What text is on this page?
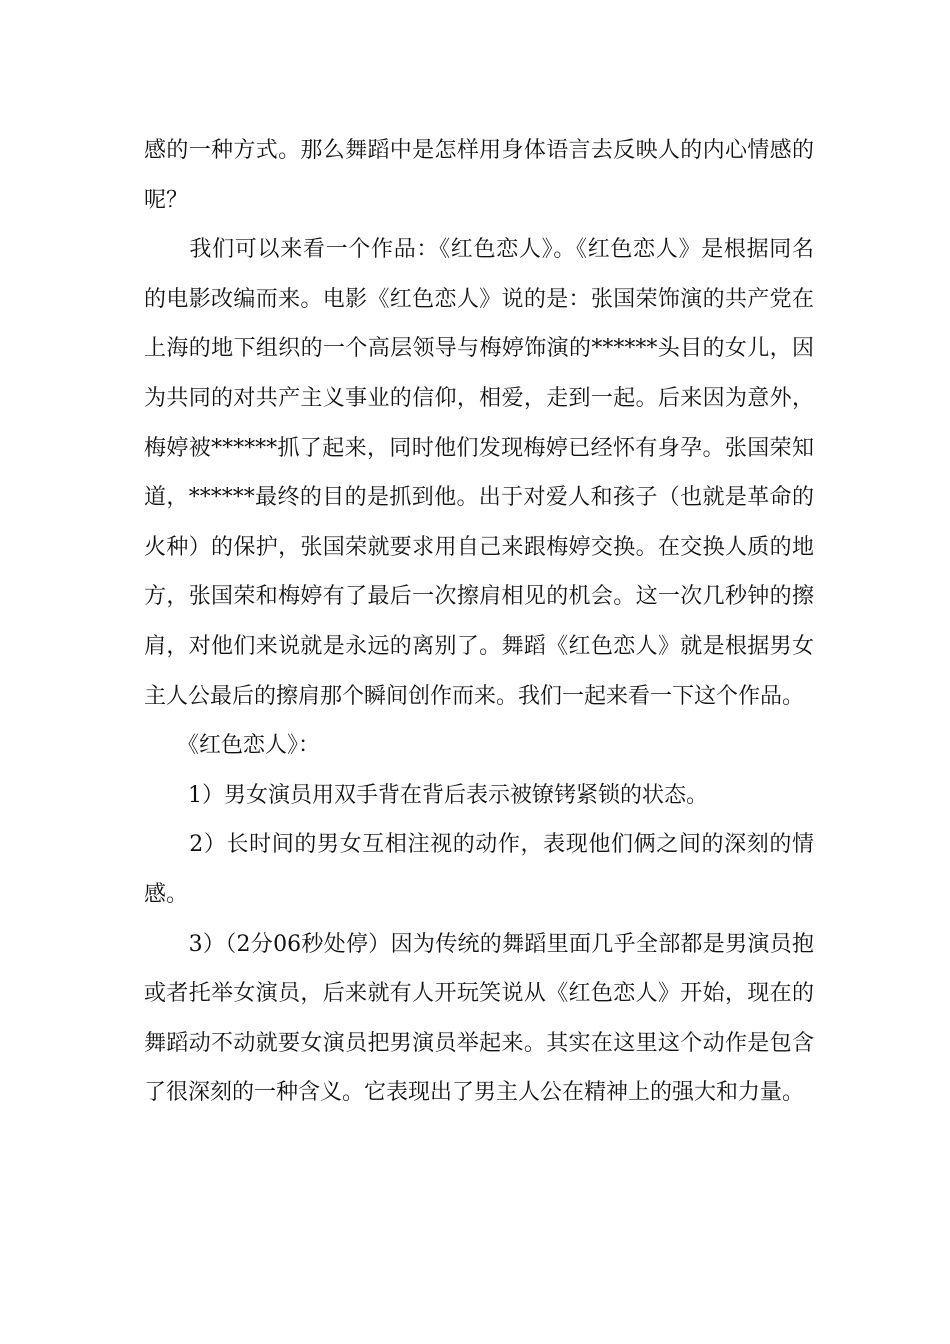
感的一种方式。那么舞蹈中是怎样用身体语言去反映人的内心情感的呢？

　　我们可以来看一个作品：《红色恋人》。《红色恋人》是根据同名的电影改编而来。电影《红色恋人》说的是：张国荣饰演的共产党在上海的地下组织的一个高层领导与梅婷饰演的******头目的女儿，因为共同的对共产主义事业的信仰，相爱，走到一起。后来因为意外，梅婷被******抓了起来，同时他们发现梅婷已经怀有身孕。张国荣知道，******最终的目的是抓到他。出于对爱人和孩子（也就是革命的火种）的保护，张国荣就要求用自己来跟梅婷交换。在交换人质的地方，张国荣和梅婷有了最后一次擦肩相见的机会。这一次几秒钟的擦肩，对他们来说就是永远的离别了。舞蹈《红色恋人》就是根据男女主人公最后的擦肩那个瞬间创作而来。我们一起来看一下这个作品。

　　《红色恋人》：

　　1）男女演员用双手背在背后表示被镣铐紧锁的状态。

　　2）长时间的男女互相注视的动作，表现他们俩之间的深刻的情感。

　　3）（2分06秒处停）因为传统的舞蹈里面几乎全部都是男演员抱或者托举女演员，后来就有人开玩笑说从《红色恋人》开始，现在的舞蹈动不动就要女演员把男演员举起来。其实在这里这个动作是包含了很深刻的一种含义。它表现出了男主人公在精神上的强大和力量。
